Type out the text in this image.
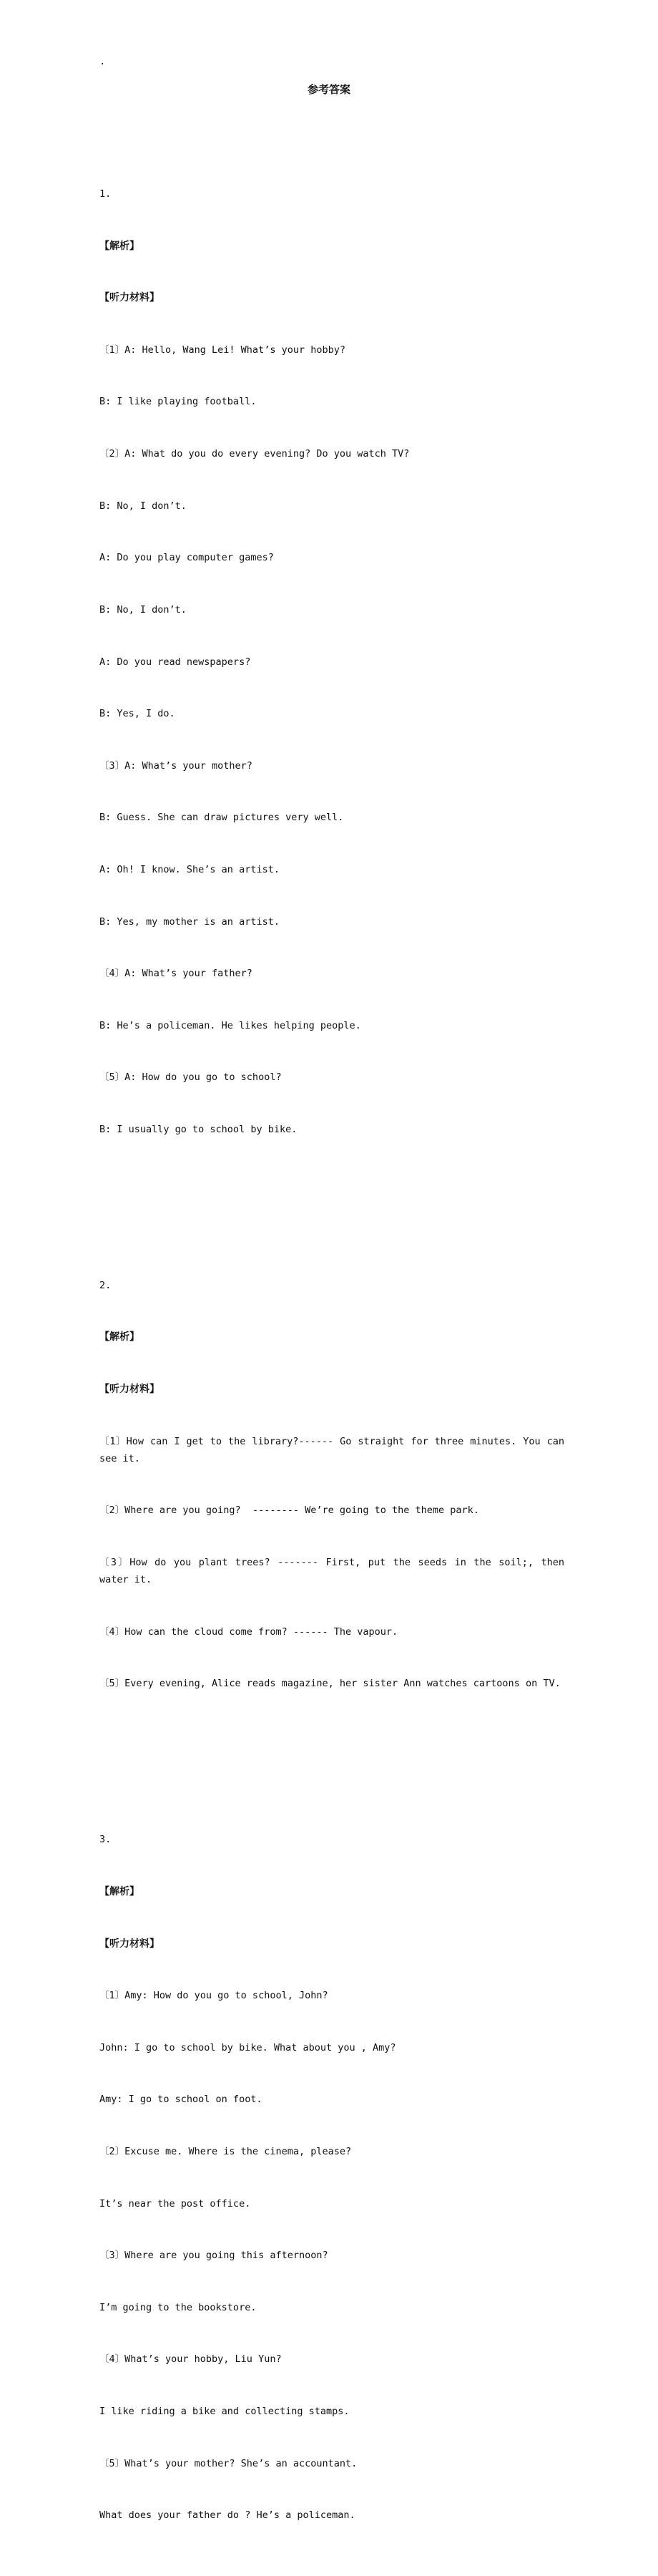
.
参考答案

1.

【解析】

【听力材料】

〔1〕A: Hello, Wang Lei! What’s your hobby?

B: I like playing football.

〔2〕A: What do you do every evening? Do you watch TV?

B: No, I don’t.

A: Do you play computer games?

B: No, I don’t.

A: Do you read newspapers?

B: Yes, I do.

〔3〕A: What’s your mother?

B: Guess. She can draw pictures very well.

A: Oh! I know. She’s an artist.

B: Yes, my mother is an artist.

〔4〕A: What’s your father?

B: He’s a policeman. He likes helping people.

〔5〕A: How do you go to school?

B: I usually go to school by bike.

2.

【解析】

【听力材料】

〔1〕How can I get to the library?------ Go straight for three minutes. You can see it.

〔2〕Where are you going?  -------- We’re going to the theme park.

〔3〕How do you plant trees? ------- First, put the seeds in the soil;, then water it.

〔4〕How can the cloud come from? ------ The vapour.

〔5〕Every evening, Alice reads magazine, her sister Ann watches cartoons on TV.

3.

【解析】

【听力材料】

〔1〕Amy: How do you go to school, John?

John: I go to school by bike. What about you , Amy?

Amy: I go to school on foot.

〔2〕Excuse me. Where is the cinema, please?

It’s near the post office.

〔3〕Where are you going this afternoon?

I’m going to the bookstore.

〔4〕What’s your hobby, Liu Yun?

I like riding a bike and collecting stamps.

〔5〕What’s your mother? She’s an accountant.

What does your father do ? He’s a policeman.
